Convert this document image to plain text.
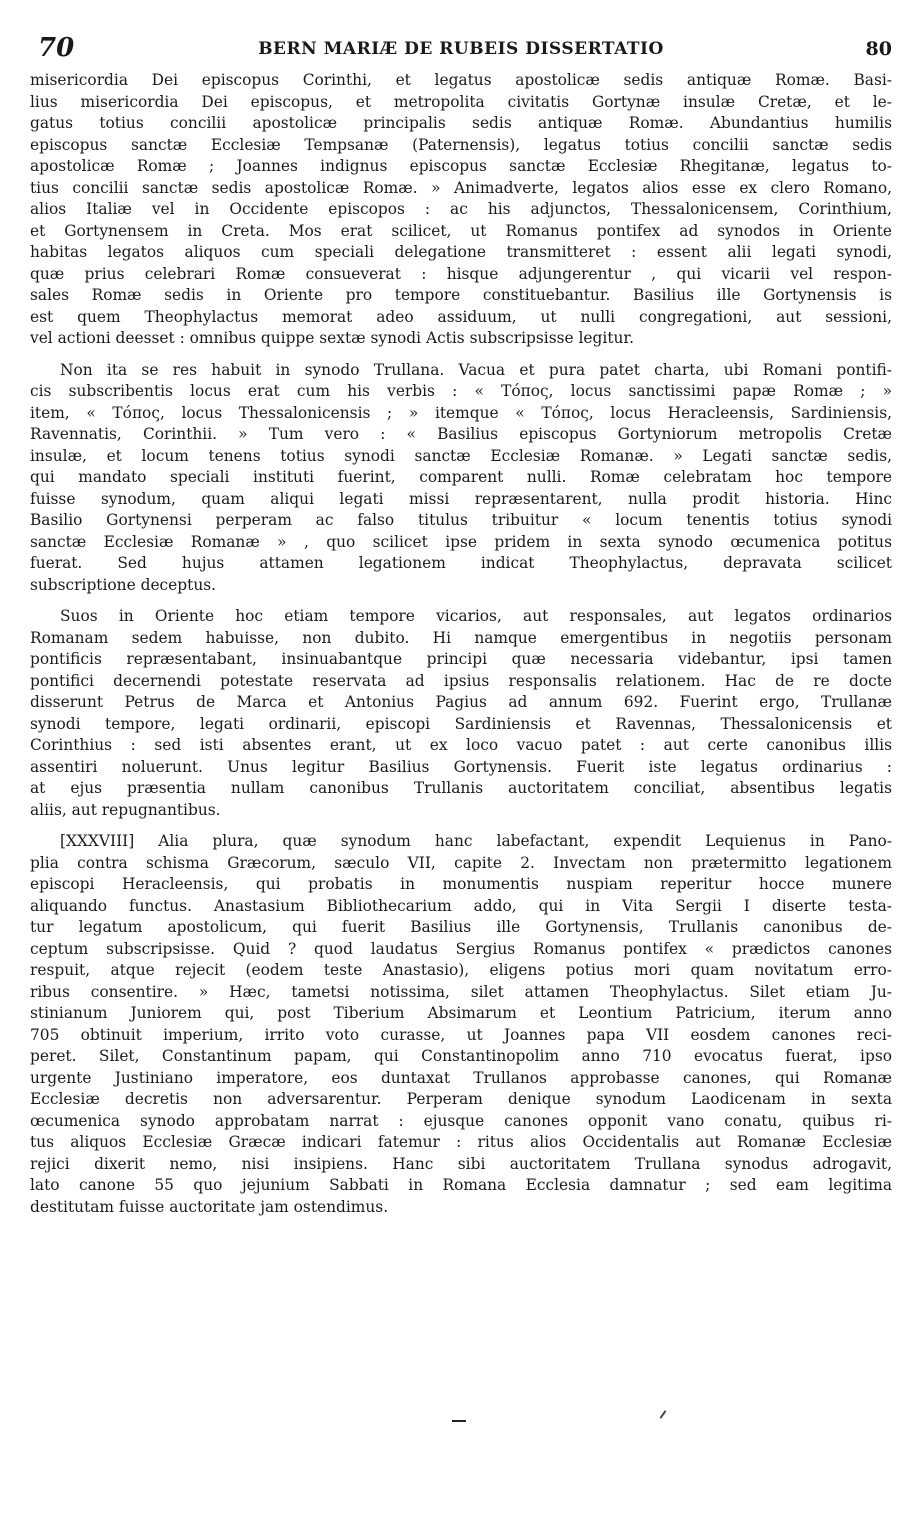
70	BERN MARIÆ DE RUBEIS DISSERTATIO	80
misericordia Dei episcopus Corinthi, et legatus apostolicæ sedis antiquæ Romæ. Basi-
lius misericordia Dei episcopus, et metropolita civitatis Gortynæ insulæ Cretæ, et le-
gatus totius concilii apostolicæ principalis sedis antiquæ Romæ. Abundantius humilis
episcopus sanctæ Ecclesiæ Tempsanæ (Paternensis), legatus totius concilii sanctæ sedis
apostolicæ Romæ ; Joannes indignus episcopus sanctæ Ecclesiæ Rhegitanæ, legatus to-
tius concilii sanctæ sedis apostolicæ Romæ. » Animadverte, legatos alios esse ex clero Romano,
alios Italiæ vel in Occidente episcopos : ac his adjunctos, Thessalonicensem, Corinthium,
et Gortynensem in Creta. Mos erat scilicet, ut Romanus pontifex ad synodos in Oriente
habitas legatos aliquos cum speciali delegatione transmitteret : essent alii legati synodi,
quæ prius celebrari Romæ consueverat : hisque adjungerentur , qui vicarii vel respon-
sales Romæ sedis in Oriente pro tempore constituebantur. Basilius ille Gortynensis is
est quem Theophylactus memorat adeo assiduum, ut nulli congregationi, aut sessioni,
vel actioni deesset : omnibus quippe sextæ synodi Actis subscripsisse legitur.
Non ita se res habuit in synodo Trullana. Vacua et pura patet charta, ubi Romani pontifi-
cis subscribentis locus erat cum his verbis : « Τόπος, locus sanctissimi papæ Romæ ; »
item, « Τόπος, locus Thessalonicensis ; » itemque « Τόπος, locus Heracleensis, Sardiniensis,
Ravennatis, Corinthii. » Tum vero : « Basilius episcopus Gortyniorum metropolis Cretæ
insulæ, et locum tenens totius synodi sanctæ Ecclesiæ Romanæ. » Legati sanctæ sedis,
qui mandato speciali instituti fuerint, comparent nulli. Romæ celebratam hoc tempore
fuisse synodum, quam aliqui legati missi repræsentarent, nulla prodit historia. Hinc
Basilio Gortynensi perperam ac falso titulus tribuitur « locum tenentis totius synodi
sanctæ Ecclesiæ Romanæ » , quo scilicet ipse pridem in sexta synodo œcumenica potitus
fuerat. Sed hujus attamen legationem indicat Theophylactus, depravata scilicet
subscriptione deceptus.
Suos in Oriente hoc etiam tempore vicarios, aut responsales, aut legatos ordinarios
Romanam sedem habuisse, non dubito. Hi namque emergentibus in negotiis personam
pontificis repræsentabant, insinuabantque principi quæ necessaria videbantur, ipsi tamen
pontifici decernendi potestate reservata ad ipsius responsalis relationem. Hac de re docte
disserunt Petrus de Marca et Antonius Pagius ad annum 692. Fuerint ergo, Trullanæ
synodi tempore, legati ordinarii, episcopi Sardiniensis et Ravennas, Thessalonicensis et
Corinthius : sed isti absentes erant, ut ex loco vacuo patet : aut certe canonibus illis
assentiri noluerunt. Unus legitur Basilius Gortynensis. Fuerit iste legatus ordinarius :
at ejus præsentia nullam canonibus Trullanis auctoritatem conciliat, absentibus legatis
aliis, aut repugnantibus.
[XXXVIII] Alia plura, quæ synodum hanc labefactant, expendit Lequienus in Pano-
plia contra schisma Græcorum, sæculo VII, capite 2. Invectam non prætermitto legationem
episcopi Heracleensis, qui probatis in monumentis nuspiam reperitur hocce munere
aliquando functus. Anastasium Bibliothecarium addo, qui in Vita Sergii I diserte testa-
tur legatum apostolicum, qui fuerit Basilius ille Gortynensis, Trullanis canonibus de-
ceptum subscripsisse. Quid ? quod laudatus Sergius Romanus pontifex « prædictos canones
respuit, atque rejecit (eodem teste Anastasio), eligens potius mori quam novitatum erro-
ribus consentire. » Hæc, tametsi notissima, silet attamen Theophylactus. Silet etiam Ju-
stinianum Juniorem qui, post Tiberium Absimarum et Leontium Patricium, iterum anno
705 obtinuit imperium, irrito voto curasse, ut Joannes papa VII eosdem canones reci-
peret. Silet, Constantinum papam, qui Constantinopolim anno 710 evocatus fuerat, ipso
urgente Justiniano imperatore, eos duntaxat Trullanos approbasse canones, qui Romanæ
Ecclesiæ decretis non adversarentur. Perperam denique synodum Laodicenam in sexta
œcumenica synodo approbatam narrat : ejusque canones opponit vano conatu, quibus ri-
tus aliquos Ecclesiæ Græcæ indicari fatemur : ritus alios Occidentalis aut Romanæ Ecclesiæ
rejici dixerit nemo, nisi insipiens. Hanc sibi auctoritatem Trullana synodus adrogavit,
lato canone 55 quo jejunium Sabbati in Romana Ecclesia damnatur ; sed eam legitima
destitutam fuisse auctoritate jam ostendimus.
